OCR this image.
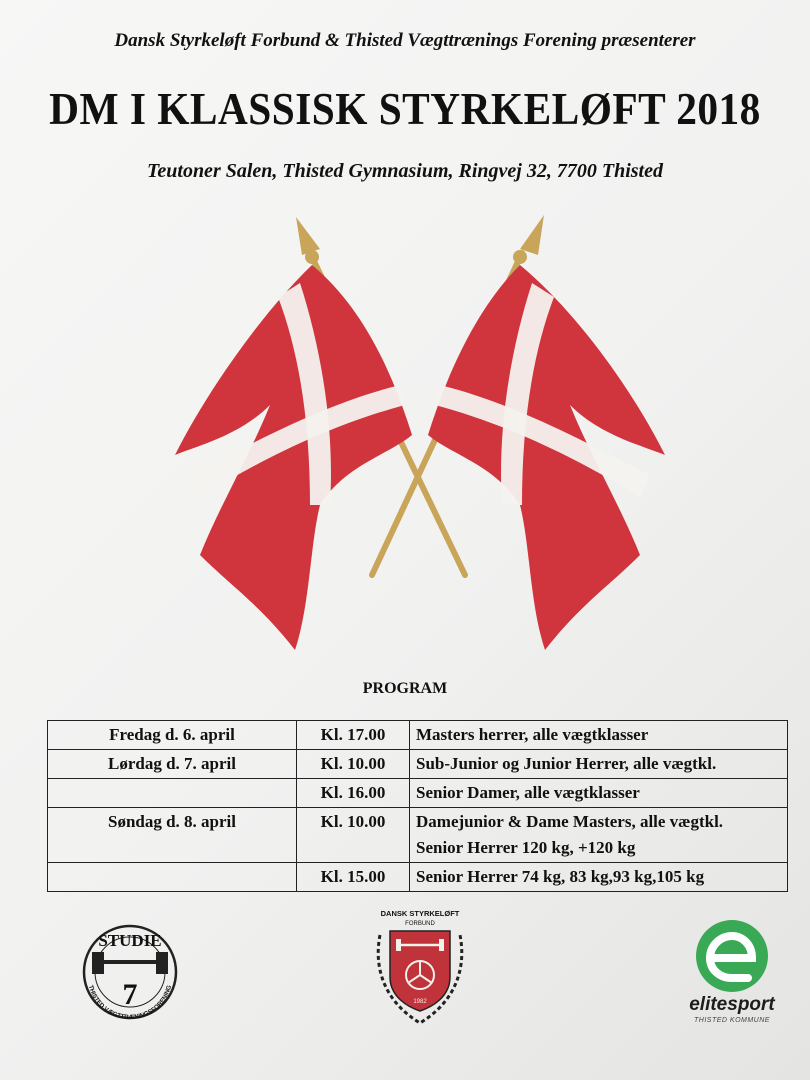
Dansk Styrkeløft Forbund & Thisted Vægttrænings Forening præsenterer
DM I KLASSISK STYRKELØFT 2018
Teutoner Salen, Thisted Gymnasium, Ringvej 32, 7700 Thisted
PROGRAM
Fredag d. 6. april	Kl. 17.00	Masters herrer, alle vægtklasser

Lørdag d. 7. april	Kl. 10.00	Sub-Junior og Junior Herrer, alle vægtkl.

	Kl. 16.00	Senior Damer, alle vægtklasser

Søndag d. 8. april	Kl. 10.00	Damejunior & Dame Masters, alle vægtkl.
Senior Herrer 120 kg, +120 kg

	Kl. 15.00	Senior Herrer 74 kg, 83 kg,93 kg,105 kg
STUDIE
7
THISTED VÆGTTRÆNINGSFORENING
DANSK STYRKELØFT
FORBUND
1982	elitesport
THISTED KOMMUNE
